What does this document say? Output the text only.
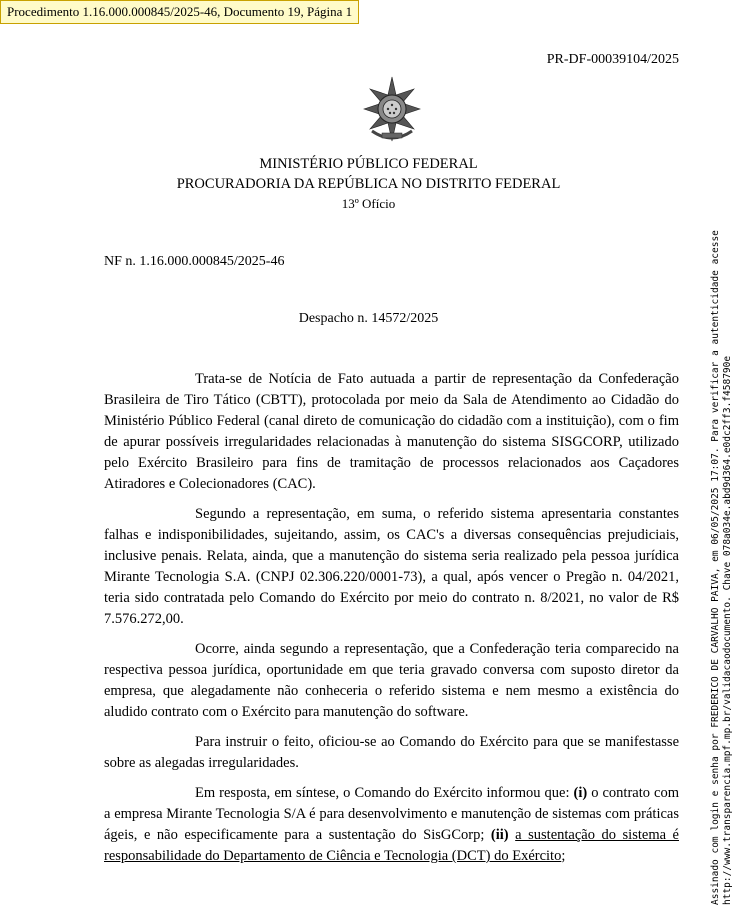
Procedimento 1.16.000.000845/2025-46, Documento 19, Página 1
PR-DF-00039104/2025
MINISTÉRIO PÚBLICO FEDERAL
PROCURADORIA DA REPÚBLICA NO DISTRITO FEDERAL
13º Ofício
NF n. 1.16.000.000845/2025-46
Despacho n. 14572/2025

Trata-se de Notícia de Fato autuada a partir de representação da Confederação Brasileira de Tiro Tático (CBTT), protocolada por meio da Sala de Atendimento ao Cidadão do Ministério Público Federal (canal direto de comunicação do cidadão com a instituição), com o fim de apurar possíveis irregularidades relacionadas à manutenção do sistema SISGCORP, utilizado pelo Exército Brasileiro para fins de tramitação de processos relacionados aos Caçadores Atiradores e Colecionadores (CAC).

Segundo a representação, em suma, o referido sistema apresentaria constantes falhas e indisponibilidades, sujeitando, assim, os CAC's a diversas consequências prejudiciais, inclusive penais. Relata, ainda, que a manutenção do sistema seria realizado pela pessoa jurídica Mirante Tecnologia S.A. (CNPJ 02.306.220/0001-73), a qual, após vencer o Pregão n. 04/2021, teria sido contratada pelo Comando do Exército por meio do contrato n. 8/2021, no valor de R$ 7.576.272,00.

Ocorre, ainda segundo a representação, que a Confederação teria comparecido na respectiva pessoa jurídica, oportunidade em que teria gravado conversa com suposto diretor da empresa, que alegadamente não conheceria o referido sistema e nem mesmo a existência do aludido contrato com o Exército para manutenção do software.

Para instruir o feito, oficiou-se ao Comando do Exército para que se manifestasse sobre as alegadas irregularidades.

Em resposta, em síntese, o Comando do Exército informou que: (i) o contrato com a empresa Mirante Tecnologia S/A é para desenvolvimento e manutenção de sistemas com práticas ágeis, e não especificamente para a sustentação do SisGCorp; (ii) a sustentação do sistema é responsabilidade do Departamento de Ciência e Tecnologia (DCT) do Exército;	Assinado com login e senha por FREDERICO DE CARVALHO PAIVA, em 06/05/2025 17:07. Para verificar a autenticidade acesse http://www.transparencia.mpf.mp.br/validacaodocumento. Chave 078a034e.abd9d364.e0dc2ff3.f458790e
